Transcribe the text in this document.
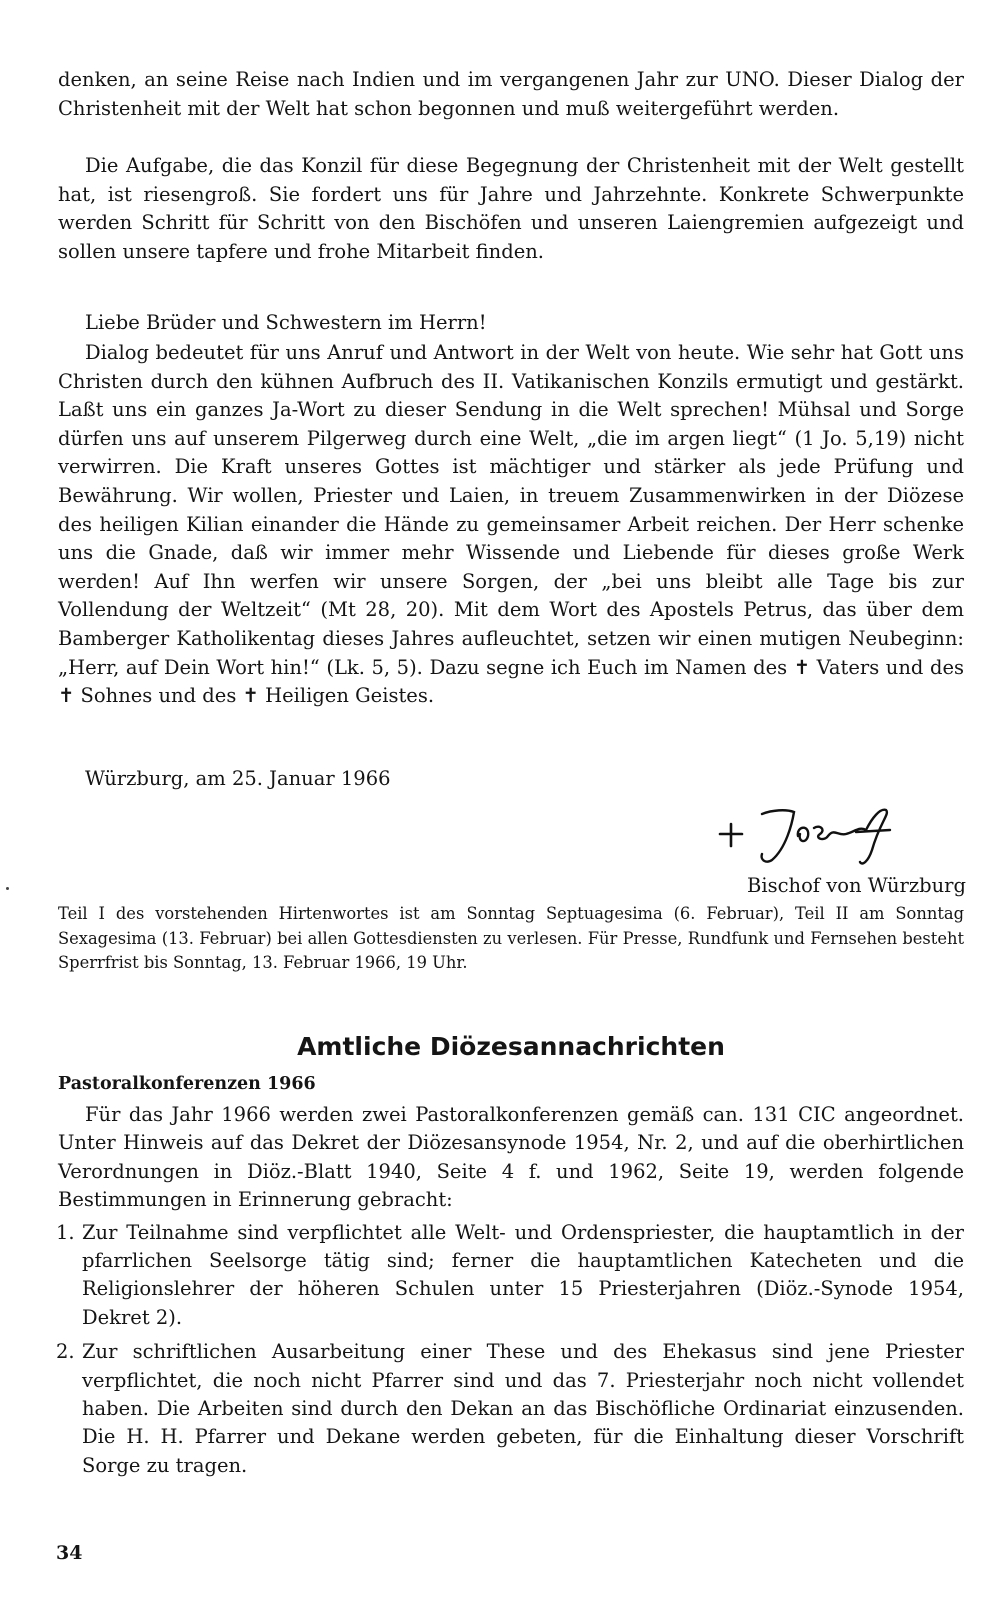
denken, an seine Reise nach Indien und im vergangenen Jahr zur UNO. Dieser Dialog der Christenheit mit der Welt hat schon begonnen und muß weitergeführt werden.

Die Aufgabe, die das Konzil für diese Begegnung der Christenheit mit der Welt gestellt hat, ist riesengroß. Sie fordert uns für Jahre und Jahrzehnte. Konkrete Schwerpunkte werden Schritt für Schritt von den Bischöfen und unseren Laiengremien aufgezeigt und sollen unsere tapfere und frohe Mitarbeit finden.

Liebe Brüder und Schwestern im Herrn!

Dialog bedeutet für uns Anruf und Antwort in der Welt von heute. Wie sehr hat Gott uns Christen durch den kühnen Aufbruch des II. Vatikanischen Konzils ermutigt und gestärkt. Laßt uns ein ganzes Ja-Wort zu dieser Sendung in die Welt sprechen! Mühsal und Sorge dürfen uns auf unserem Pilgerweg durch eine Welt, „die im argen liegt“ (1 Jo. 5,19) nicht verwirren. Die Kraft unseres Gottes ist mächtiger und stärker als jede Prüfung und Bewährung. Wir wollen, Priester und Laien, in treuem Zusammenwirken in der Diözese des heiligen Kilian einander die Hände zu gemeinsamer Arbeit reichen. Der Herr schenke uns die Gnade, daß wir immer mehr Wissende und Liebende für dieses große Werk werden! Auf Ihn werfen wir unsere Sorgen, der „bei uns bleibt alle Tage bis zur Vollendung der Weltzeit“ (Mt 28, 20). Mit dem Wort des Apostels Petrus, das über dem Bamberger Katholikentag dieses Jahres aufleuchtet, setzen wir einen mutigen Neubeginn: „Herr, auf Dein Wort hin!“ (Lk. 5, 5). Dazu segne ich Euch im Namen des ✝ Vaters und des ✝ Sohnes und des ✝ Heiligen Geistes.

Würzburg, am 25. Januar 1966

Bischof von Würzburg
Teil I des vorstehenden Hirtenwortes ist am Sonntag Septuagesima (6. Februar), Teil II am Sonntag Sexagesima (13. Februar) bei allen Gottesdiensten zu verlesen. Für Presse, Rundfunk und Fernsehen besteht Sperrfrist bis Sonntag, 13. Februar 1966, 19 Uhr.
Amtliche Diözesannachrichten
Pastoralkonferenzen 1966

Für das Jahr 1966 werden zwei Pastoralkonferenzen gemäß can. 131 CIC angeordnet. Unter Hinweis auf das Dekret der Diözesansynode 1954, Nr. 2, und auf die oberhirtlichen Verordnungen in Diöz.-Blatt 1940, Seite 4 f. und 1962, Seite 19, werden folgende Bestimmungen in Erinnerung gebracht:

1. Zur Teilnahme sind verpflichtet alle Welt- und Ordenspriester, die hauptamtlich in der pfarrlichen Seelsorge tätig sind; ferner die hauptamtlichen Katecheten und die Religionslehrer der höheren Schulen unter 15 Priesterjahren (Diöz.-Synode 1954, Dekret 2).

2. Zur schriftlichen Ausarbeitung einer These und des Ehekasus sind jene Priester verpflichtet, die noch nicht Pfarrer sind und das 7. Priesterjahr noch nicht vollendet haben. Die Arbeiten sind durch den Dekan an das Bischöfliche Ordinariat einzusenden. Die H. H. Pfarrer und Dekane werden gebeten, für die Einhaltung dieser Vorschrift Sorge zu tragen.

34
